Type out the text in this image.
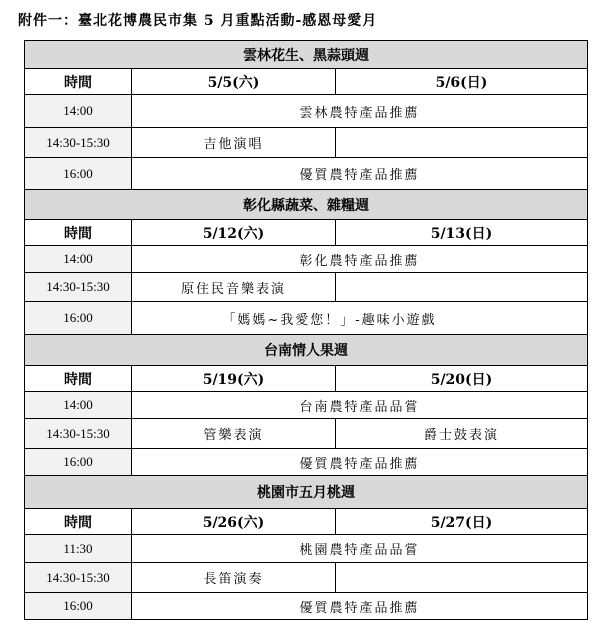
附件一：臺北花博農民市集 5 月重點活動-感恩母愛月
雲林花生、黑蒜頭週		
時間	5/5(六)	5/6(日)
14:00	雲林農特產品推薦	
14:30-15:30	吉他演唱	
16:00	優質農特產品推薦	
彰化縣蔬菜、雜糧週		
時間	5/12(六)	5/13(日)
14:00	彰化農特產品推薦	
14:30-15:30	原住民音樂表演	
16:00	「媽媽~我愛您！」-趣味小遊戲	
台南情人果週		
時間	5/19(六)	5/20(日)
14:00	台南農特產品品嘗	
14:30-15:30	管樂表演	爵士鼓表演
16:00	優質農特產品推薦	
桃園市五月桃週		
時間	5/26(六)	5/27(日)
11:30	桃園農特產品品嘗	
14:30-15:30	長笛演奏	
16:00	優質農特產品推薦	
